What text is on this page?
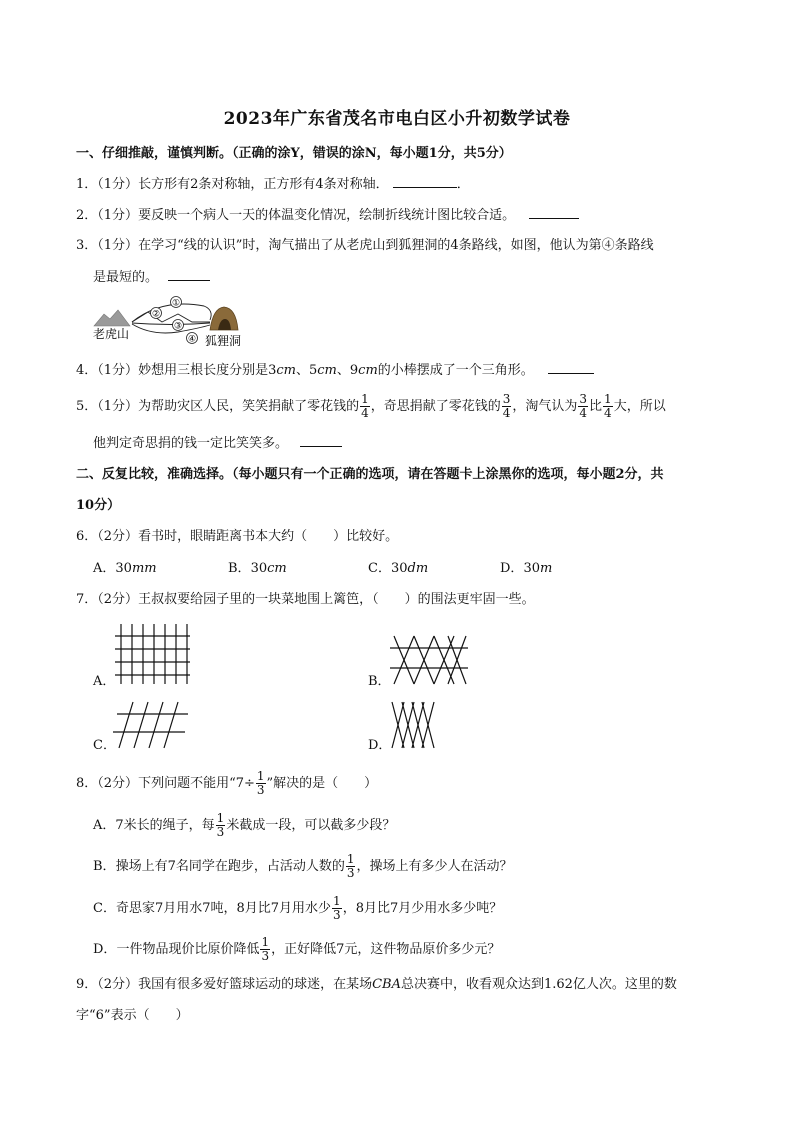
2023年广东省茂名市电白区小升初数学试卷
一、仔细推敲，谨慎判断。（正确的涂Y，错误的涂N，每小题1分，共5分）
1．（1分）长方形有2条对称轴，正方形有4条对称轴．	．
2．（1分）要反映一个病人一天的体温变化情况，绘制折线统计图比较合适。
3．（1分）在学习“线的认识”时，淘气描出了从老虎山到狐狸洞的4条路线，如图，他认为第④条路线
是最短的。
①
②
③
④
老虎山	狐狸洞
4．（1分）妙想用三根长度分别是3cm、5cm、9cm的小棒摆成了一个三角形。
5．（1分）为帮助灾区人民，笑笑捐献了零花钱的 $\frac{1}{4}$ ，奇思捐献了零花钱的 $\frac{3}{4}$ ，淘气认为 $\frac{3}{4}$ 比 $\frac{1}{4}$ 大，所以
他判定奇思捐的钱一定比笑笑多。
二、反复比较，准确选择。（每小题只有一个正确的选项，请在答题卡上涂黑你的选项，每小题2分，共
10分）
6．（2分）看书时，眼睛距离书本大约（　　）比较好。
A．30mm	B．30cm	C．30dm	D．30m
7．（2分）王叔叔要给园子里的一块菜地围上篱笆，（　　）的围法更牢固一些。
A．	B．
C．	D．
8．（2分）下列问题不能用“$7\div \frac{1}{3}$ ”解决的是（　　）
A．7米长的绳子，每 $\frac{1}{3}$ 米截成一段，可以截多少段？
B．操场上有7名同学在跑步，占活动人数的 $\frac{1}{3}$ ，操场上有多少人在活动？
C．奇思家7月用水7吨，8月比7月用水少 $\frac{1}{3}$ ，8月比7月少用水多少吨？
D．一件物品现价比原价降低 $\frac{1}{3}$ ，正好降低7元，这件物品原价多少元？
9．（2分）我国有很多爱好篮球运动的球迷，在某场CBA总决赛中，收看观众达到1.62亿人次。这里的数
字“6”表示（　　）
